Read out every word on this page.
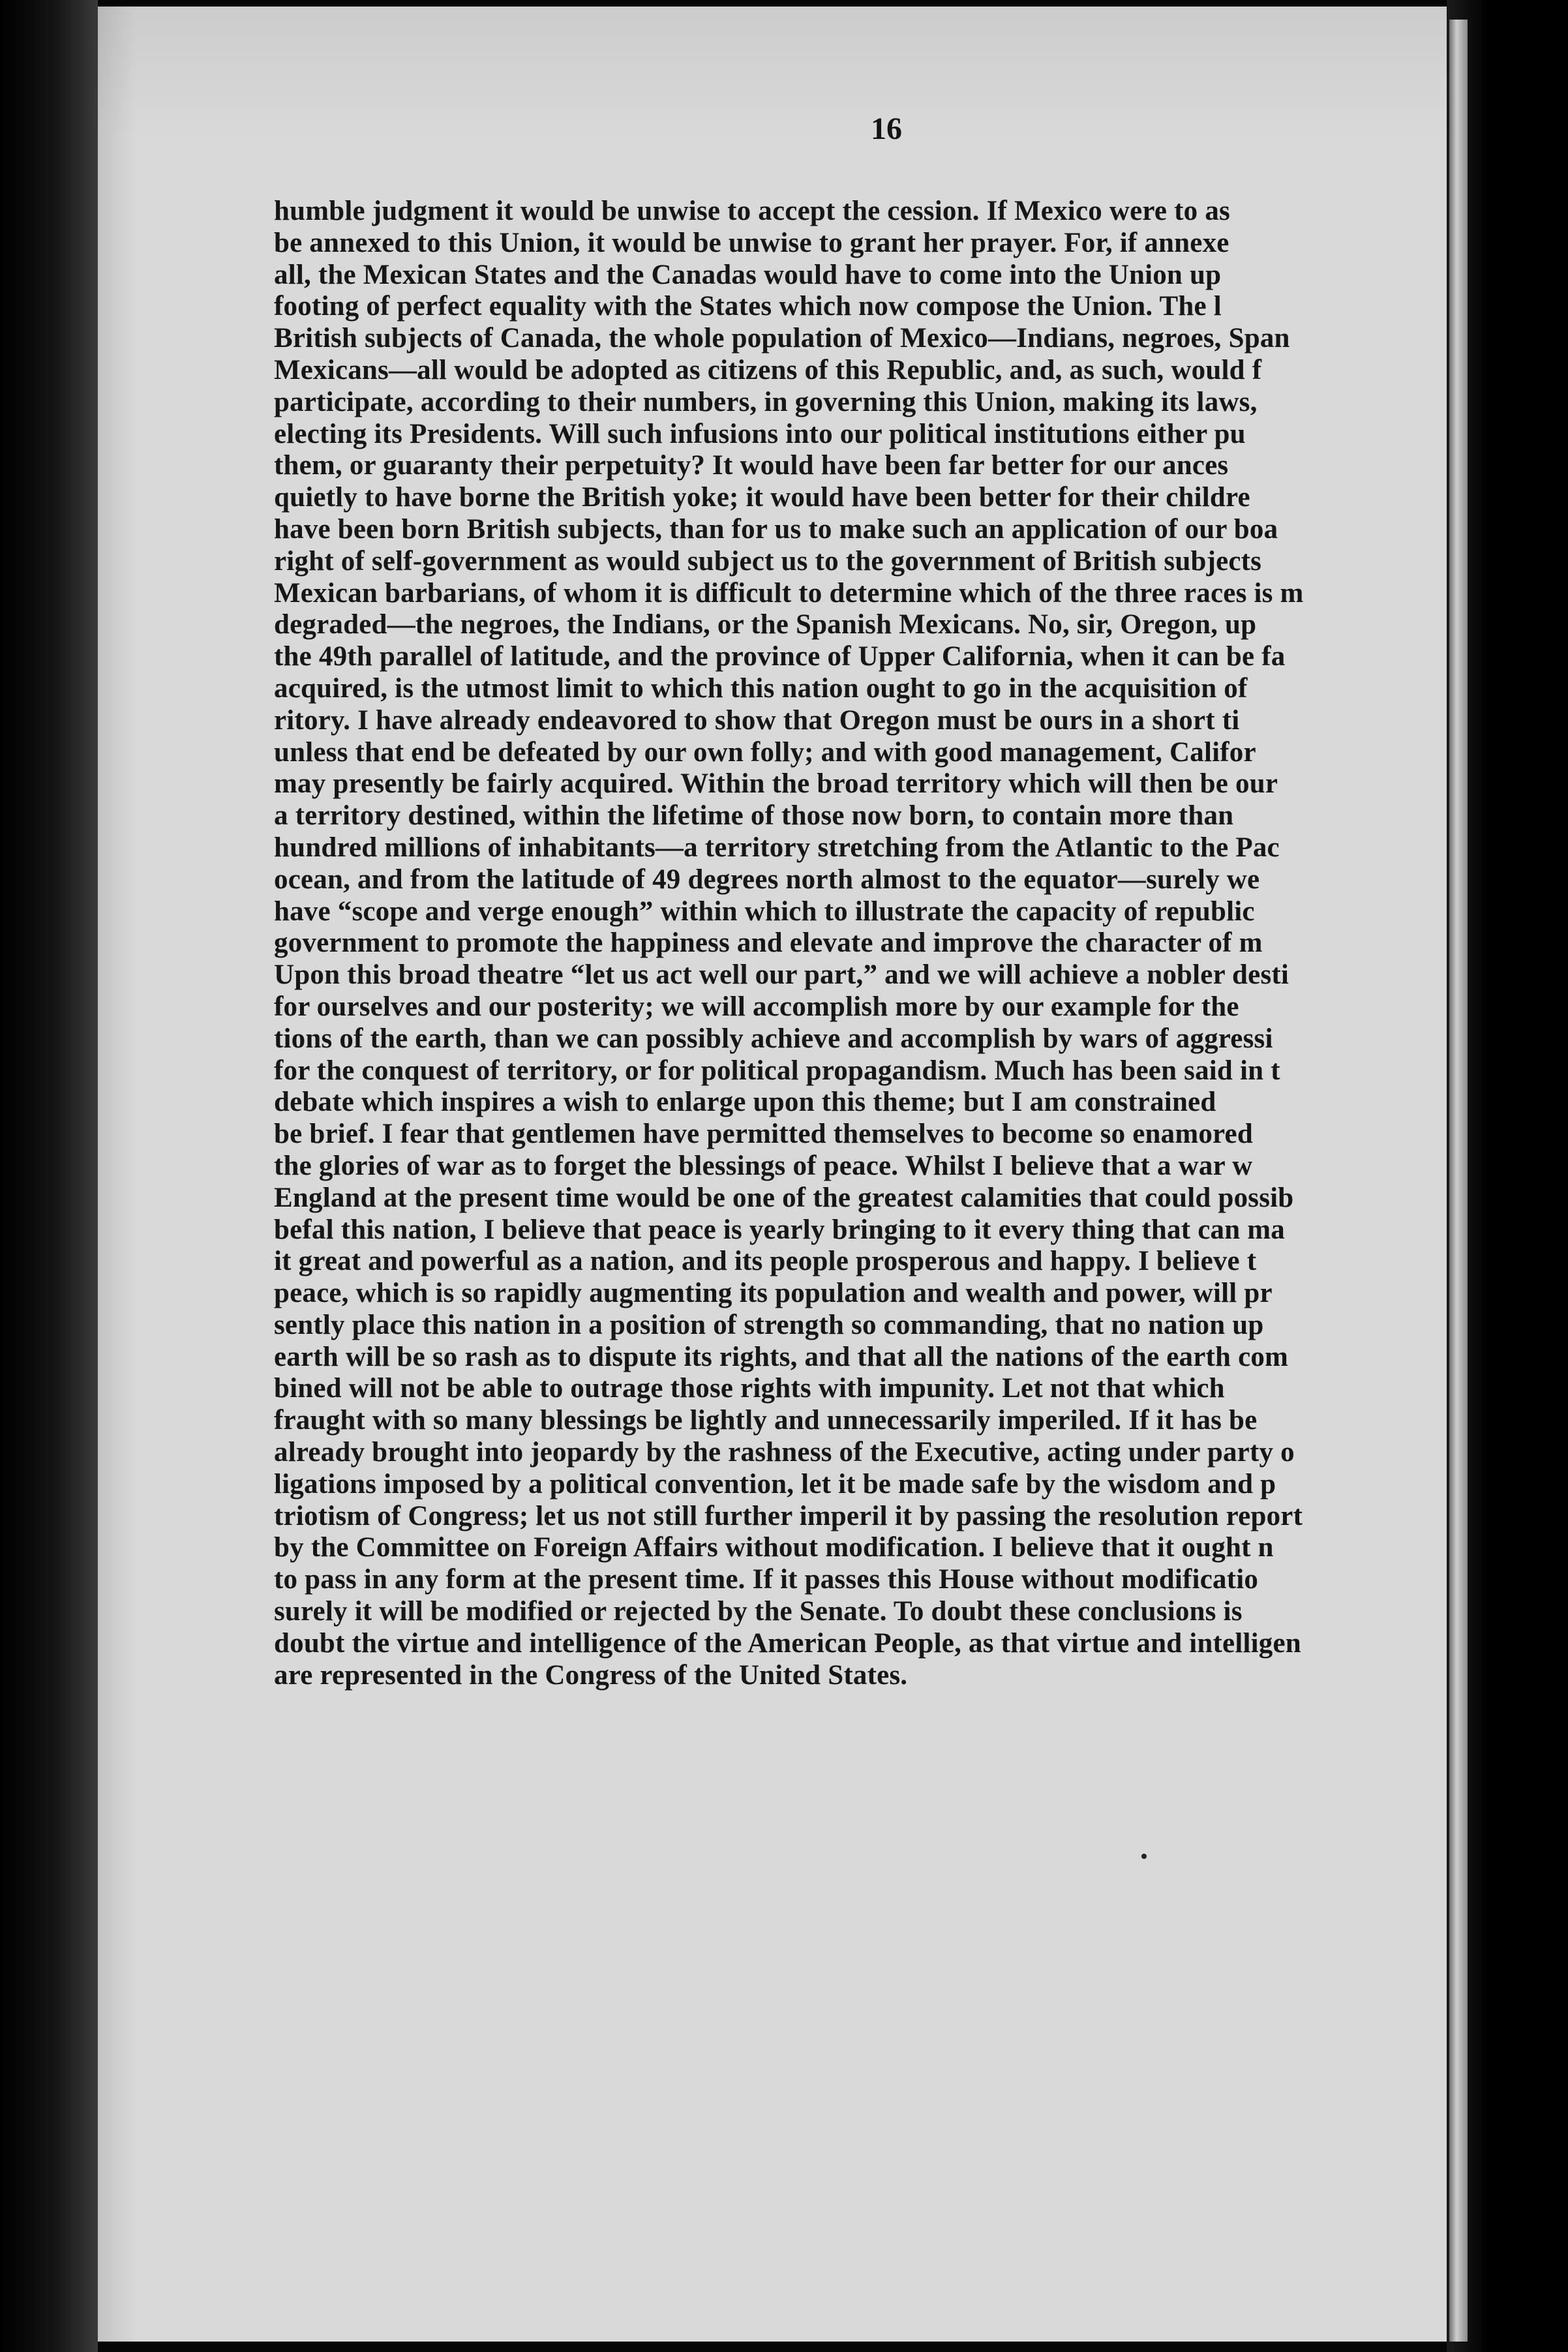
16
humble judgment it would be unwise to accept the cession. If Mexico were to as
be annexed to this Union, it would be unwise to grant her prayer. For, if annexe
all, the Mexican States and the Canadas would have to come into the Union up
footing of perfect equality with the States which now compose the Union. The l
British subjects of Canada, the whole population of Mexico—Indians, negroes, Span
Mexicans—all would be adopted as citizens of this Republic, and, as such, would f
participate, according to their numbers, in governing this Union, making its laws,
electing its Presidents. Will such infusions into our political institutions either pu
them, or guaranty their perpetuity? It would have been far better for our ances
quietly to have borne the British yoke; it would have been better for their childre
have been born British subjects, than for us to make such an application of our boa
right of self-government as would subject us to the government of British subjects
Mexican barbarians, of whom it is difficult to determine which of the three races is m
degraded—the negroes, the Indians, or the Spanish Mexicans. No, sir, Oregon, up
the 49th parallel of latitude, and the province of Upper California, when it can be fa
acquired, is the utmost limit to which this nation ought to go in the acquisition of
ritory. I have already endeavored to show that Oregon must be ours in a short ti
unless that end be defeated by our own folly; and with good management, Califor
may presently be fairly acquired. Within the broad territory which will then be our
a territory destined, within the lifetime of those now born, to contain more than
hundred millions of inhabitants—a territory stretching from the Atlantic to the Pac
ocean, and from the latitude of 49 degrees north almost to the equator—surely we
have “scope and verge enough” within which to illustrate the capacity of republic
government to promote the happiness and elevate and improve the character of m
Upon this broad theatre “let us act well our part,” and we will achieve a nobler desti
for ourselves and our posterity; we will accomplish more by our example for the
tions of the earth, than we can possibly achieve and accomplish by wars of aggressi
for the conquest of territory, or for political propagandism. Much has been said in t
debate which inspires a wish to enlarge upon this theme; but I am constrained
be brief. I fear that gentlemen have permitted themselves to become so enamored
the glories of war as to forget the blessings of peace. Whilst I believe that a war w
England at the present time would be one of the greatest calamities that could possib
befal this nation, I believe that peace is yearly bringing to it every thing that can ma
it great and powerful as a nation, and its people prosperous and happy. I believe t
peace, which is so rapidly augmenting its population and wealth and power, will pr
sently place this nation in a position of strength so commanding, that no nation up
earth will be so rash as to dispute its rights, and that all the nations of the earth com
bined will not be able to outrage those rights with impunity. Let not that which
fraught with so many blessings be lightly and unnecessarily imperiled. If it has be
already brought into jeopardy by the rashness of the Executive, acting under party o
ligations imposed by a political convention, let it be made safe by the wisdom and p
triotism of Congress; let us not still further imperil it by passing the resolution report
by the Committee on Foreign Affairs without modification. I believe that it ought n
to pass in any form at the present time. If it passes this House without modificatio
surely it will be modified or rejected by the Senate. To doubt these conclusions is
doubt the virtue and intelligence of the American People, as that virtue and intelligen
are represented in the Congress of the United States.
